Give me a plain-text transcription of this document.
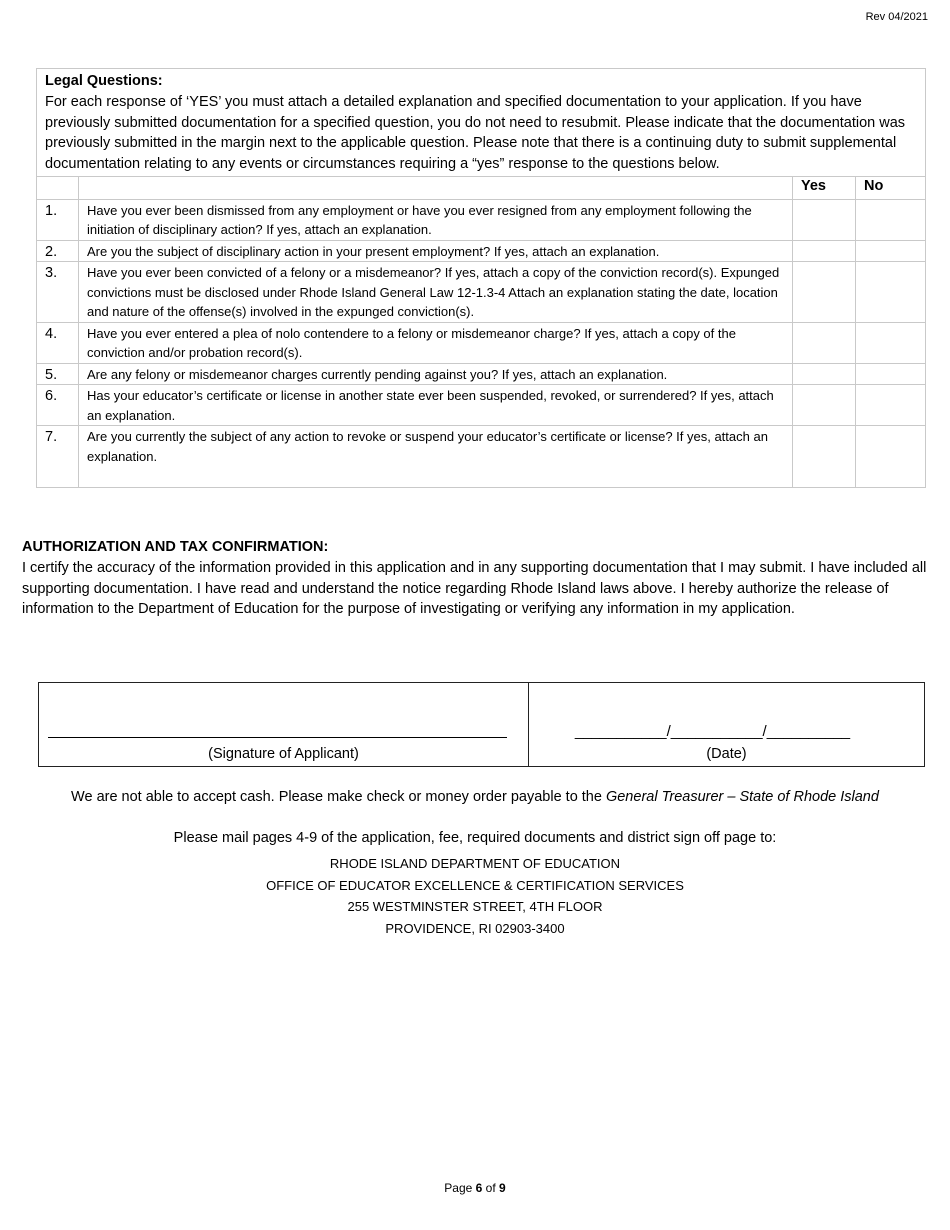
Rev 04/2021
Legal Questions:
For each response of ‘YES’ you must attach a detailed explanation and specified documentation to your application. If you have previously submitted documentation for a specified question, you do not need to resubmit. Please indicate that the documentation was previously submitted in the margin next to the applicable question. Please note that there is a continuing duty to submit supplemental documentation relating to any events or circumstances requiring a “yes” response to the questions below.			

		Yes	No
1.	Have you ever been dismissed from any employment or have you ever resigned from any employment following the initiation of disciplinary action? If yes, attach an explanation.		
2.	Are you the subject of disciplinary action in your present employment? If yes, attach an explanation.		
3.	Have you ever been convicted of a felony or a misdemeanor? If yes, attach a copy of the conviction record(s). Expunged convictions must be disclosed under Rhode Island General Law 12-1.3-4 Attach an explanation stating the date, location and nature of the offense(s) involved in the expunged conviction(s).		
4.	Have you ever entered a plea of nolo contendere to a felony or misdemeanor charge? If yes, attach a copy of the conviction and/or probation record(s).		
5.	Are any felony or misdemeanor charges currently pending against you? If yes, attach an explanation.		
6.	Has your educator’s certificate or license in another state ever been suspended, revoked, or surrendered? If yes, attach an explanation.		
7.	Are you currently the subject of any action to revoke or suspend your educator’s certificate or license? If yes, attach an explanation.		
AUTHORIZATION AND TAX CONFIRMATION:
I certify the accuracy of the information provided in this application and in any supporting documentation that I may submit. I have included all supporting documentation. I have read and understand the notice regarding Rhode Island laws above. I hereby authorize the release of information to the Department of Education for the purpose of investigating or verifying any information in my application.
(Signature of Applicant)
___________/___________/__________
(Date)
We are not able to accept cash. Please make check or money order payable to the General Treasurer – State of Rhode Island
Please mail pages 4-9 of the application, fee, required documents and district sign off page to:
RHODE ISLAND DEPARTMENT OF EDUCATION
OFFICE OF EDUCATOR EXCELLENCE & CERTIFICATION SERVICES
255 WESTMINSTER STREET, 4TH FLOOR
PROVIDENCE, RI 02903-3400
Page 6 of 9
